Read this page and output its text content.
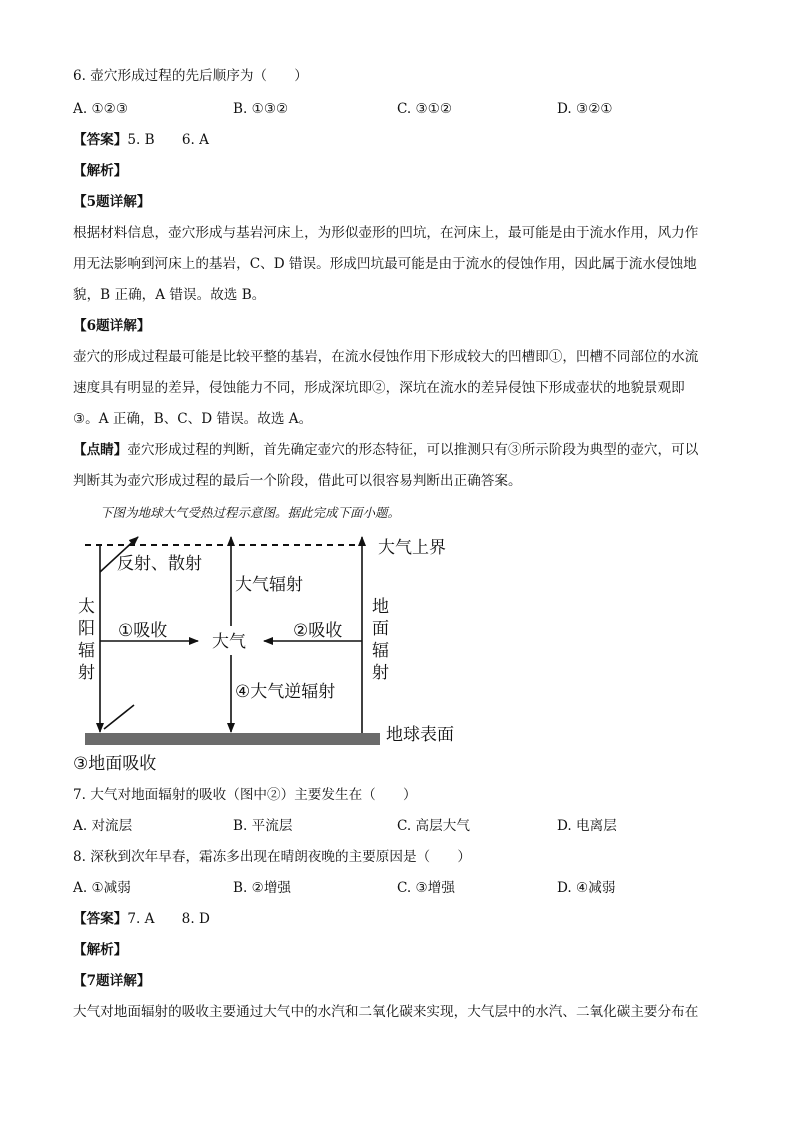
6. 壶穴形成过程的先后顺序为（　　）
A. ①②③	B. ①③②	C. ③①②	D. ③②①
【答案】5. B　　6. A
【解析】
【5题详解】
根据材料信息，壶穴形成与基岩河床上，为形似壶形的凹坑，在河床上，最可能是由于流水作用，风力作
用无法影响到河床上的基岩，C、D 错误。形成凹坑最可能是由于流水的侵蚀作用，因此属于流水侵蚀地
貌，B 正确，A 错误。故选 B。
【6题详解】
壶穴的形成过程最可能是比较平整的基岩，在流水侵蚀作用下形成较大的凹槽即①，凹槽不同部位的水流
速度具有明显的差异，侵蚀能力不同，形成深坑即②，深坑在流水的差异侵蚀下形成壶状的地貌景观即
③。A 正确，B、C、D 错误。故选 A。
【点睛】壶穴形成过程的判断，首先确定壶穴的形态特征，可以推测只有③所示阶段为典型的壶穴，可以
判断其为壶穴形成过程的最后一个阶段，借此可以很容易判断出正确答案。
下图为地球大气受热过程示意图。据此完成下面小题。
大气上界
反射、散射
大气辐射
太
阳
辐
射
地
面
辐
射
①吸收	②吸收
大气
④大气逆辐射
地球表面
③地面吸收
7. 大气对地面辐射的吸收（图中②）主要发生在（　　）
A. 对流层	B. 平流层	C. 高层大气	D. 电离层
8. 深秋到次年早春，霜冻多出现在晴朗夜晚的主要原因是（　　）
A. ①减弱	B. ②增强	C. ③增强	D. ④减弱
【答案】7. A　　8. D
【解析】
【7题详解】
大气对地面辐射的吸收主要通过大气中的水汽和二氧化碳来实现，大气层中的水汽、二氧化碳主要分布在
